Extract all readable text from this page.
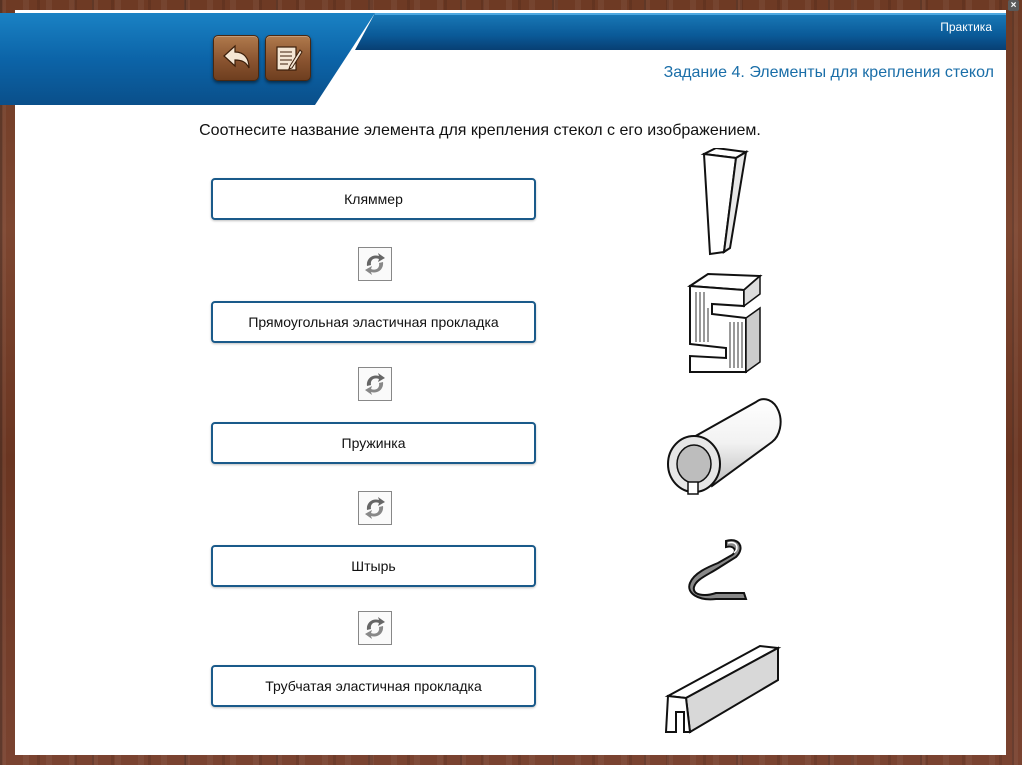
×
Практика
Задание 4. Элементы для крепления стекол
Соотнесите название элемента для крепления стекол с его изображением.
Кляммер
Прямоугольная эластичная прокладка
Пружинка
Штырь
Трубчатая эластичная прокладка
